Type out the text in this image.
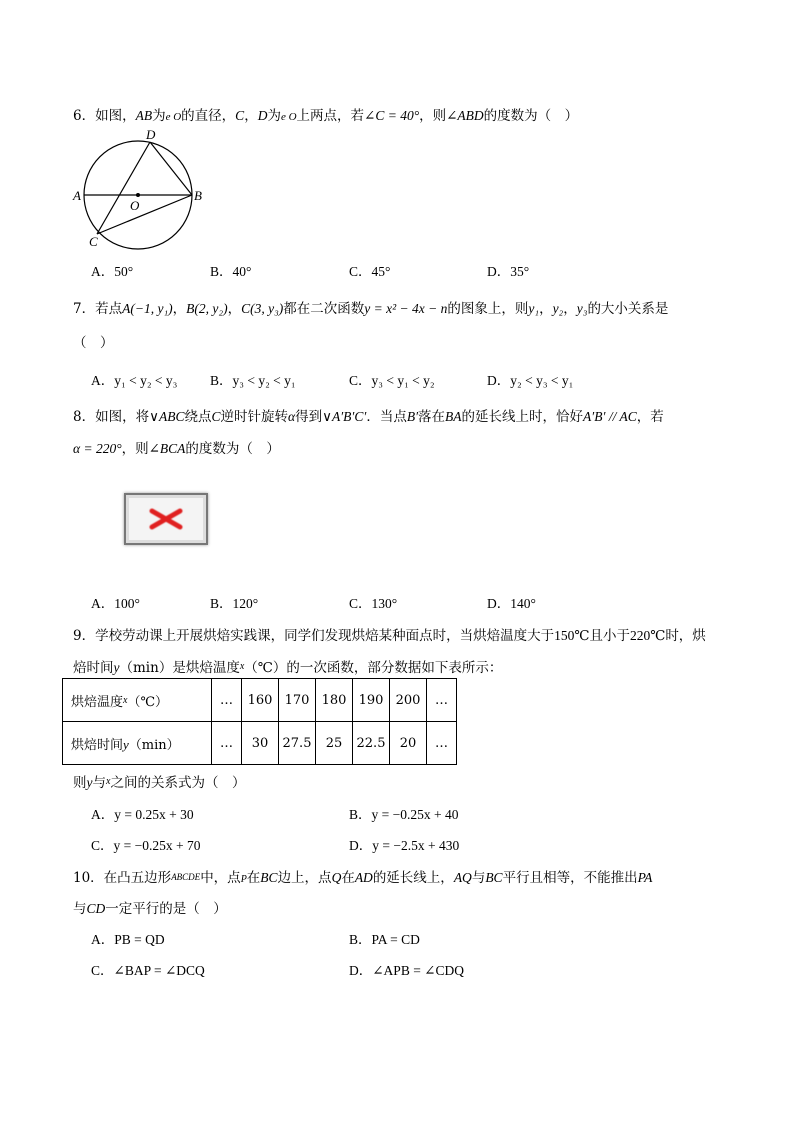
6．如图，AB为e O的直径，C，D为e O上两点，若∠C = 40°，则∠ABD的度数为（　）
A	B
C
D
O
A．50°	B．40°	C．45°	D．35°
7．若点A(−1, y₁)，B(2, y₂)，C(3, y₃)都在二次函数y = x² − 4x − n的图象上，则y₁，y₂，y₃的大小关系是
（　）
A．y₁ < y₂ < y₃ B．y₃ < y₂ < y₁	C．y₃ < y₁ < y₂	D．y₂ < y₃ < y₁
8．如图，将∨ABC绕点C逆时针旋转α得到∨A′B′C′．当点B′落在BA的延长线上时，恰好A′B′ // AC，若
α = 220°，则∠BCA的度数为（　）
A．100°	B．120°	C．130°	D．140°
9．学校劳动课上开展烘焙实践课，同学们发现烘焙某种面点时，当烘焙温度大于150℃且小于220℃时，烘
焙时间y（min）是烘焙温度$^x$（℃）的一次函数，部分数据如下表所示：
烘焙温度$^x$（℃）	…	160	170	180	190	200	…
烘焙时间y（min）	…	30	27.5	25	22.5	20	…
则y与$^x$之间的关系式为（　）
A．y = 0.25x + 30	B．y = −0.25x + 40
C．y = −0.25x + 70	D．y = −2.5x + 430
10．在凸五边形ABCDE中，点P在BC边上，点Q在AD的延长线上，AQ与BC平行且相等，不能推出PA
与CD一定平行的是（　）
A．PB = QD	B．PA = CD
C．∠BAP = ∠DCQ	D．∠APB = ∠CDQ
